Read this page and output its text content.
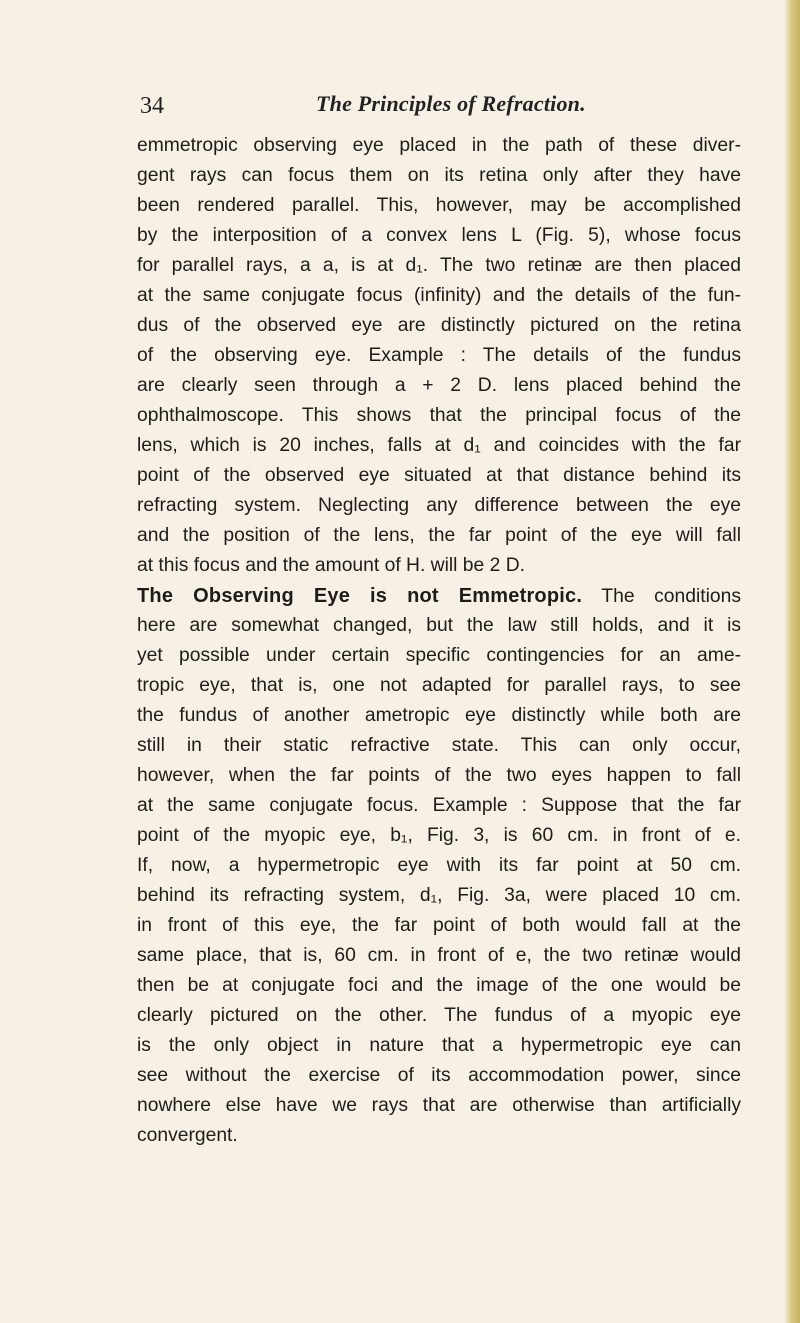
34	The Principles of Refraction.
emmetropic observing eye placed in the path of these diver-
gent rays can focus them on its retina only after they have
been rendered parallel. This, however, may be accomplished
by the interposition of a convex lens L (Fig. 5), whose focus
for parallel rays, a a, is at d₁. The two retinæ are then placed
at the same conjugate focus (infinity) and the details of the fun-
dus of the observed eye are distinctly pictured on the retina
of the observing eye. Example : The details of the fundus
are clearly seen through a + 2 D. lens placed behind the
ophthalmoscope. This shows that the principal focus of the
lens, which is 20 inches, falls at d₁ and coincides with the far
point of the observed eye situated at that distance behind its
refracting system. Neglecting any difference between the eye
and the position of the lens, the far point of the eye will fall
at this focus and the amount of H. will be 2 D.
The Observing Eye is not Emmetropic. The conditions
here are somewhat changed, but the law still holds, and it is
yet possible under certain specific contingencies for an ame-
tropic eye, that is, one not adapted for parallel rays, to see
the fundus of another ametropic eye distinctly while both are
still in their static refractive state. This can only occur,
however, when the far points of the two eyes happen to fall
at the same conjugate focus. Example : Suppose that the far
point of the myopic eye, b₁, Fig. 3, is 60 cm. in front of e.
If, now, a hypermetropic eye with its far point at 50 cm.
behind its refracting system, d₁, Fig. 3a, were placed 10 cm.
in front of this eye, the far point of both would fall at the
same place, that is, 60 cm. in front of e, the two retinæ would
then be at conjugate foci and the image of the one would be
clearly pictured on the other. The fundus of a myopic eye
is the only object in nature that a hypermetropic eye can
see without the exercise of its accommodation power, since
nowhere else have we rays that are otherwise than artificially
convergent.
